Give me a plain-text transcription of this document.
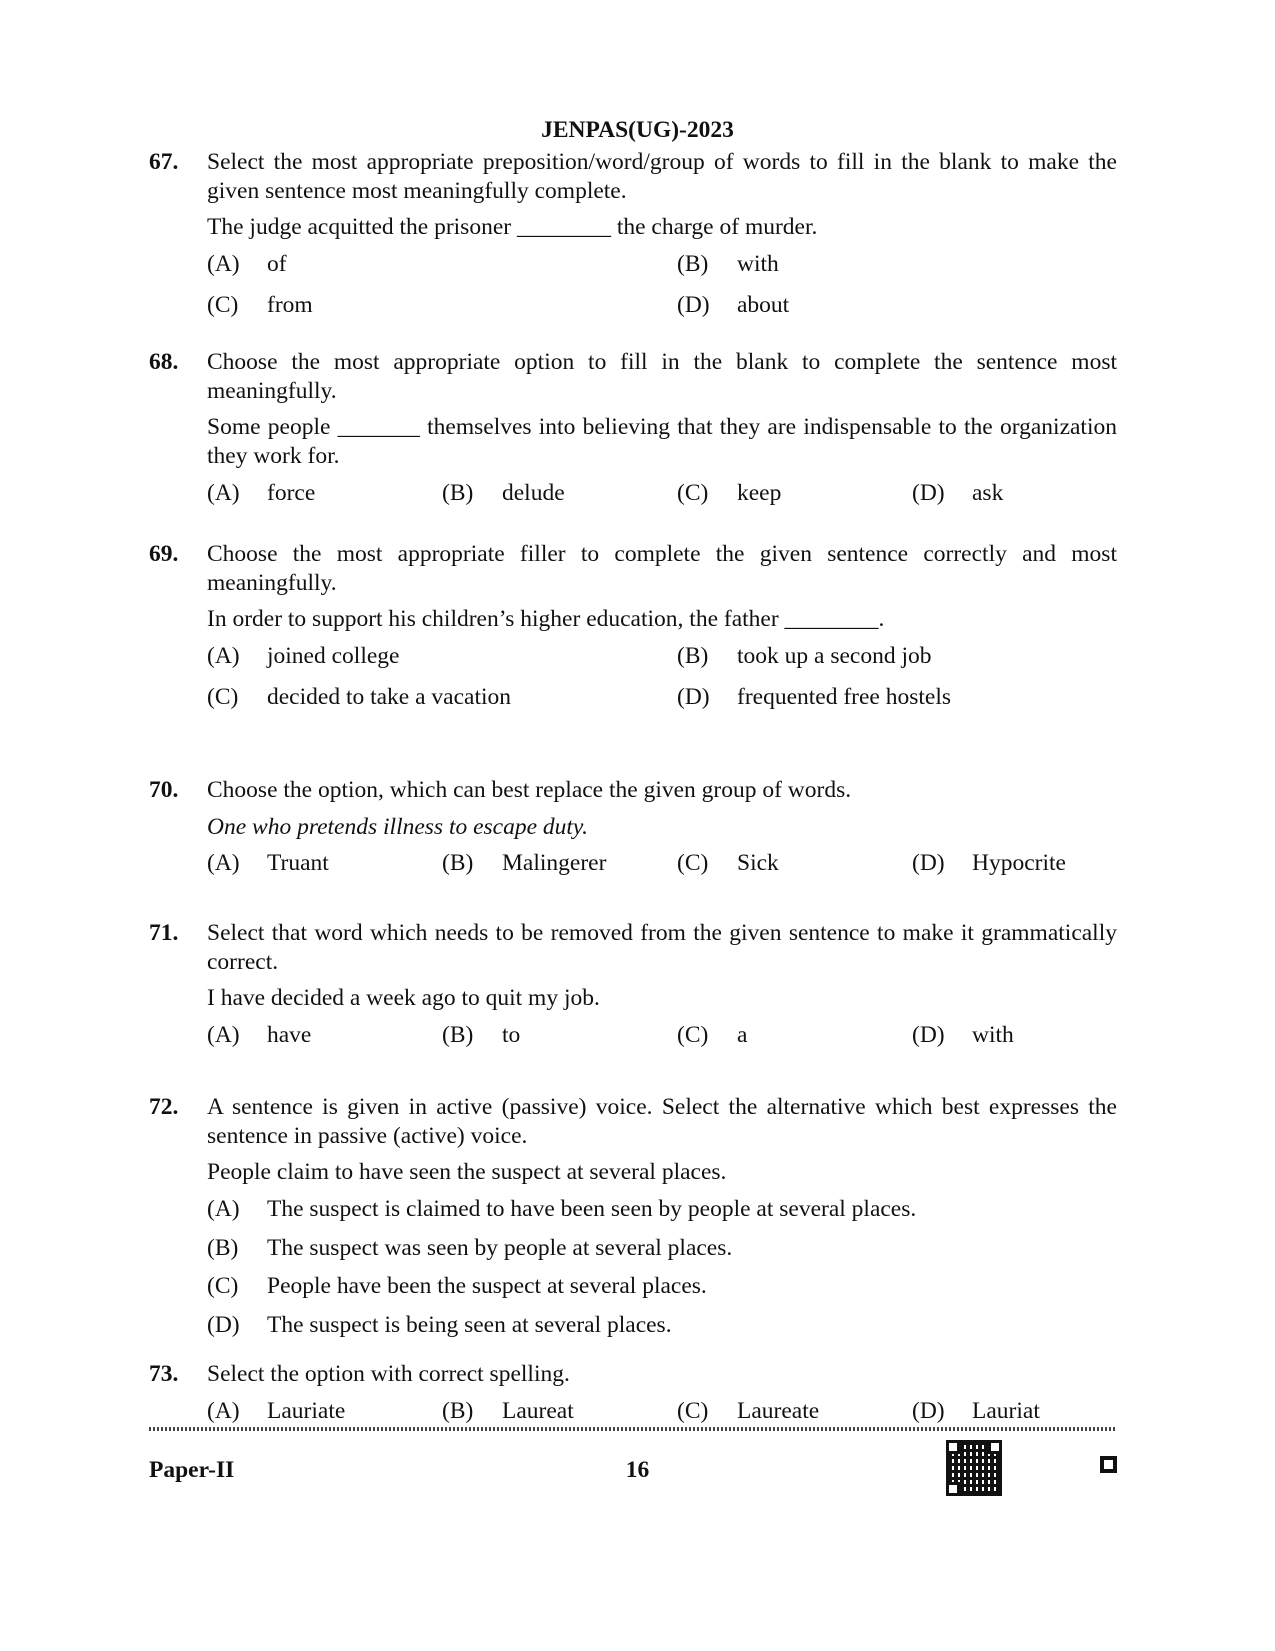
JENPAS(UG)-2023
67. Select the most appropriate preposition/word/group of words to fill in the blank to make the given sentence most meaningfully complete.

The judge acquitted the prisoner ________ the charge of murder.

(A)	of	(B)	with
(C)	from	(D)	about
68. Choose the most appropriate option to fill in the blank to complete the sentence most meaningfully.

Some people _______ themselves into believing that they are indispensable to the organization they work for.

(A)	force	(B)	delude	(C)	keep	(D)	ask
69. Choose the most appropriate filler to complete the given sentence correctly and most meaningfully.

In order to support his children’s higher education, the father ________.

(A)	joined college	(B)	took up a second job
(C)	decided to take a vacation	(D)	frequented free hostels
70. Choose the option, which can best replace the given group of words.

One who pretends illness to escape duty.

(A)	Truant	(B)	Malingerer	(C)	Sick	(D)	Hypocrite
71. Select that word which needs to be removed from the given sentence to make it grammatically correct.

I have decided a week ago to quit my job.

(A)	have	(B)	to	(C)	a	(D)	with
72. A sentence is given in active (passive) voice. Select the alternative which best expresses the sentence in passive (active) voice.

People claim to have seen the suspect at several places.

(A)	The suspect is claimed to have been seen by people at several places.
(B)	The suspect was seen by people at several places.
(C)	People have been the suspect at several places.
(D)	The suspect is being seen at several places.
73. Select the option with correct spelling.

(A)	Lauriate	(B)	Laureat	(C)	Laureate	(D)	Lauriat
Paper-II	16
